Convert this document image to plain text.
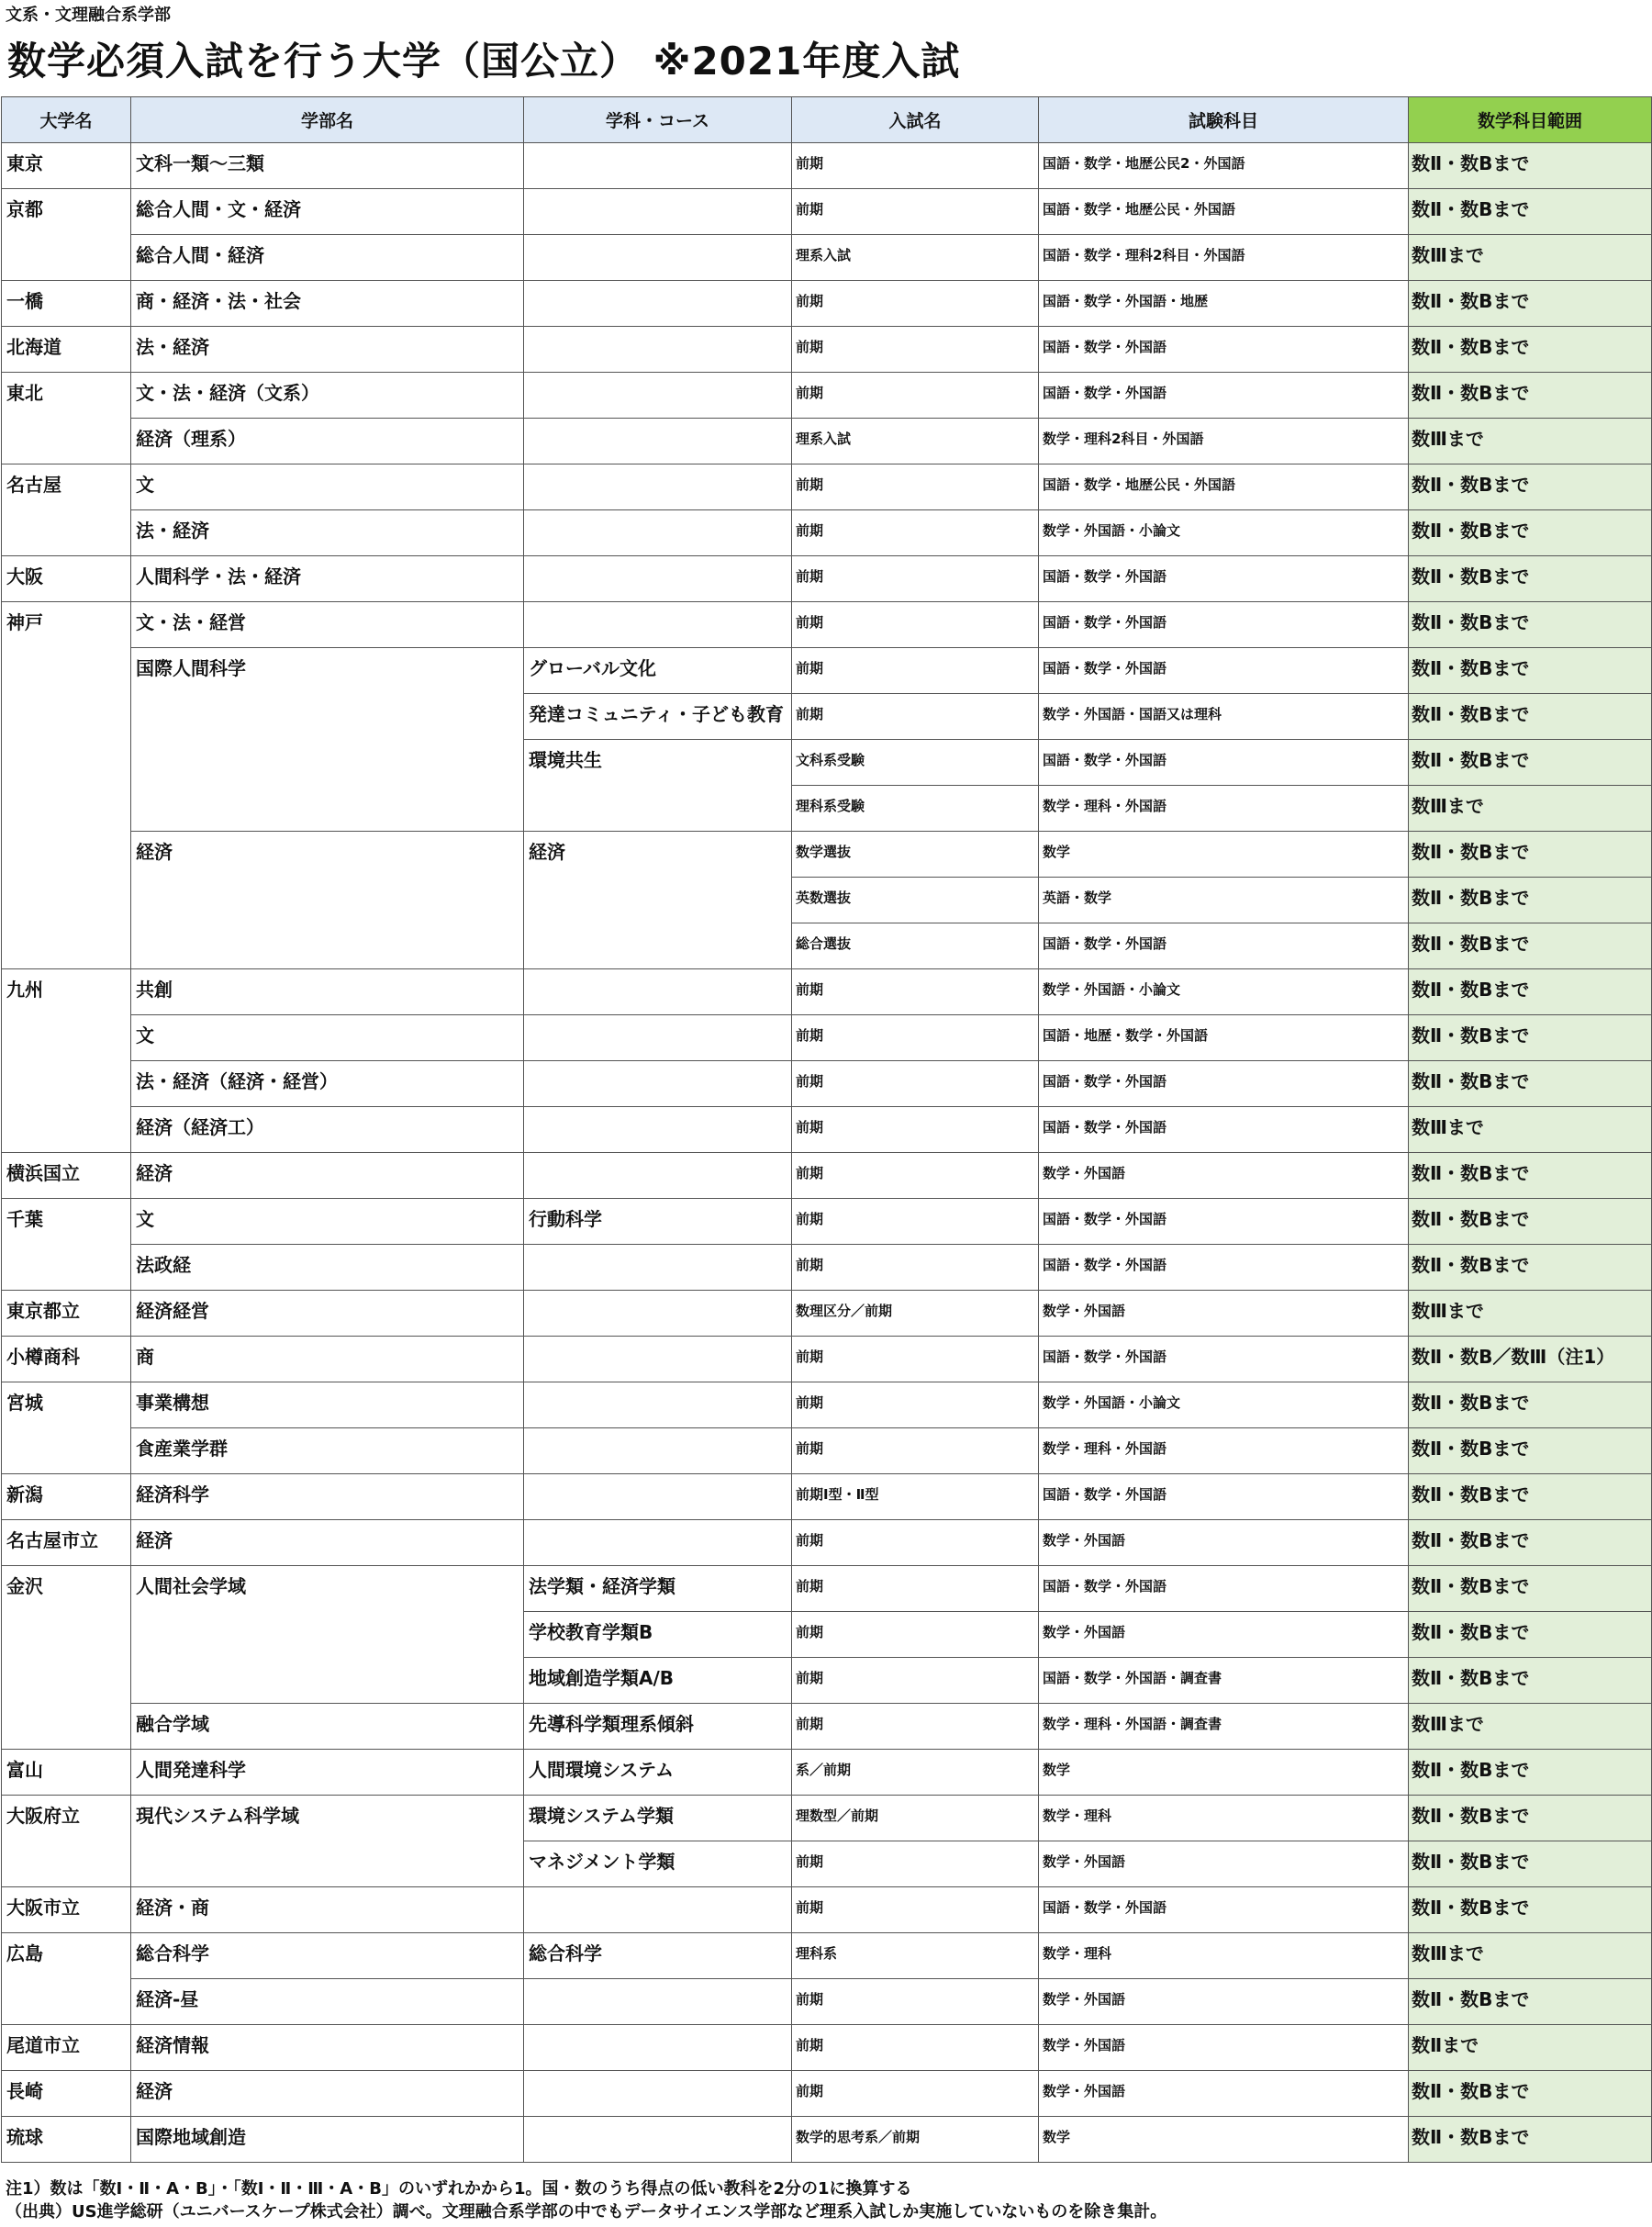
文系・文理融合系学部
数学必須入試を行う大学（国公立） ※2021年度入試
大学名	学部名	学科・コース	入試名	試験科目	数学科目範囲
東京	文科一類〜三類		前期	国語・数学・地歴公民2・外国語	数Ⅱ・数Bまで
京都	総合人間・文・経済		前期	国語・数学・地歴公民・外国語	数Ⅱ・数Bまで
	総合人間・経済		理系入試	国語・数学・理科2科目・外国語	数Ⅲまで
一橋	商・経済・法・社会		前期	国語・数学・外国語・地歴	数Ⅱ・数Bまで
北海道	法・経済		前期	国語・数学・外国語	数Ⅱ・数Bまで
東北	文・法・経済（文系）		前期	国語・数学・外国語	数Ⅱ・数Bまで
	経済（理系）		理系入試	数学・理科2科目・外国語	数Ⅲまで
名古屋	文		前期	国語・数学・地歴公民・外国語	数Ⅱ・数Bまで
	法・経済		前期	数学・外国語・小論文	数Ⅱ・数Bまで
大阪	人間科学・法・経済		前期	国語・数学・外国語	数Ⅱ・数Bまで
神戸	文・法・経営		前期	国語・数学・外国語	数Ⅱ・数Bまで
	国際人間科学	グローバル文化	前期	国語・数学・外国語	数Ⅱ・数Bまで
		発達コミュニティ・子ども教育	前期	数学・外国語・国語又は理科	数Ⅱ・数Bまで
		環境共生	文科系受験	国語・数学・外国語	数Ⅱ・数Bまで
			理科系受験	数学・理科・外国語	数Ⅲまで
	経済	経済	数学選抜	数学	数Ⅱ・数Bまで
			英数選抜	英語・数学	数Ⅱ・数Bまで
			総合選抜	国語・数学・外国語	数Ⅱ・数Bまで
九州	共創		前期	数学・外国語・小論文	数Ⅱ・数Bまで
	文		前期	国語・地歴・数学・外国語	数Ⅱ・数Bまで
	法・経済（経済・経営）		前期	国語・数学・外国語	数Ⅱ・数Bまで
	経済（経済工）		前期	国語・数学・外国語	数Ⅲまで
横浜国立	経済		前期	数学・外国語	数Ⅱ・数Bまで
千葉	文	行動科学	前期	国語・数学・外国語	数Ⅱ・数Bまで
	法政経		前期	国語・数学・外国語	数Ⅱ・数Bまで
東京都立	経済経営		数理区分／前期	数学・外国語	数Ⅲまで
小樽商科	商		前期	国語・数学・外国語	数Ⅱ・数B／数Ⅲ（注1）
宮城	事業構想		前期	数学・外国語・小論文	数Ⅱ・数Bまで
	食産業学群		前期	数学・理科・外国語	数Ⅱ・数Bまで
新潟	経済科学		前期Ⅰ型・Ⅱ型	国語・数学・外国語	数Ⅱ・数Bまで
名古屋市立	経済		前期	数学・外国語	数Ⅱ・数Bまで
金沢	人間社会学域	法学類・経済学類	前期	国語・数学・外国語	数Ⅱ・数Bまで
		学校教育学類B	前期	数学・外国語	数Ⅱ・数Bまで
		地域創造学類A/B	前期	国語・数学・外国語・調査書	数Ⅱ・数Bまで
	融合学域	先導科学類理系傾斜	前期	数学・理科・外国語・調査書	数Ⅲまで
富山	人間発達科学	人間環境システム	系／前期	数学	数Ⅱ・数Bまで
大阪府立	現代システム科学域	環境システム学類	理数型／前期	数学・理科	数Ⅱ・数Bまで
		マネジメント学類	前期	数学・外国語	数Ⅱ・数Bまで
大阪市立	経済・商		前期	国語・数学・外国語	数Ⅱ・数Bまで
広島	総合科学	総合科学	理科系	数学・理科	数Ⅲまで
	経済-昼		前期	数学・外国語	数Ⅱ・数Bまで
尾道市立	経済情報		前期	数学・外国語	数Ⅱまで
長崎	経済		前期	数学・外国語	数Ⅱ・数Bまで
琉球	国際地域創造		数学的思考系／前期	数学	数Ⅱ・数Bまで
注1）数は「数Ⅰ・Ⅱ・A・B」・「数Ⅰ・Ⅱ・Ⅲ・A・B」のいずれかから1。国・数のうち得点の低い教科を2分の1に換算する
（出典）US進学総研（ユニバースケープ株式会社）調べ。文理融合系学部の中でもデータサイエンス学部など理系入試しか実施していないものを除き集計。
